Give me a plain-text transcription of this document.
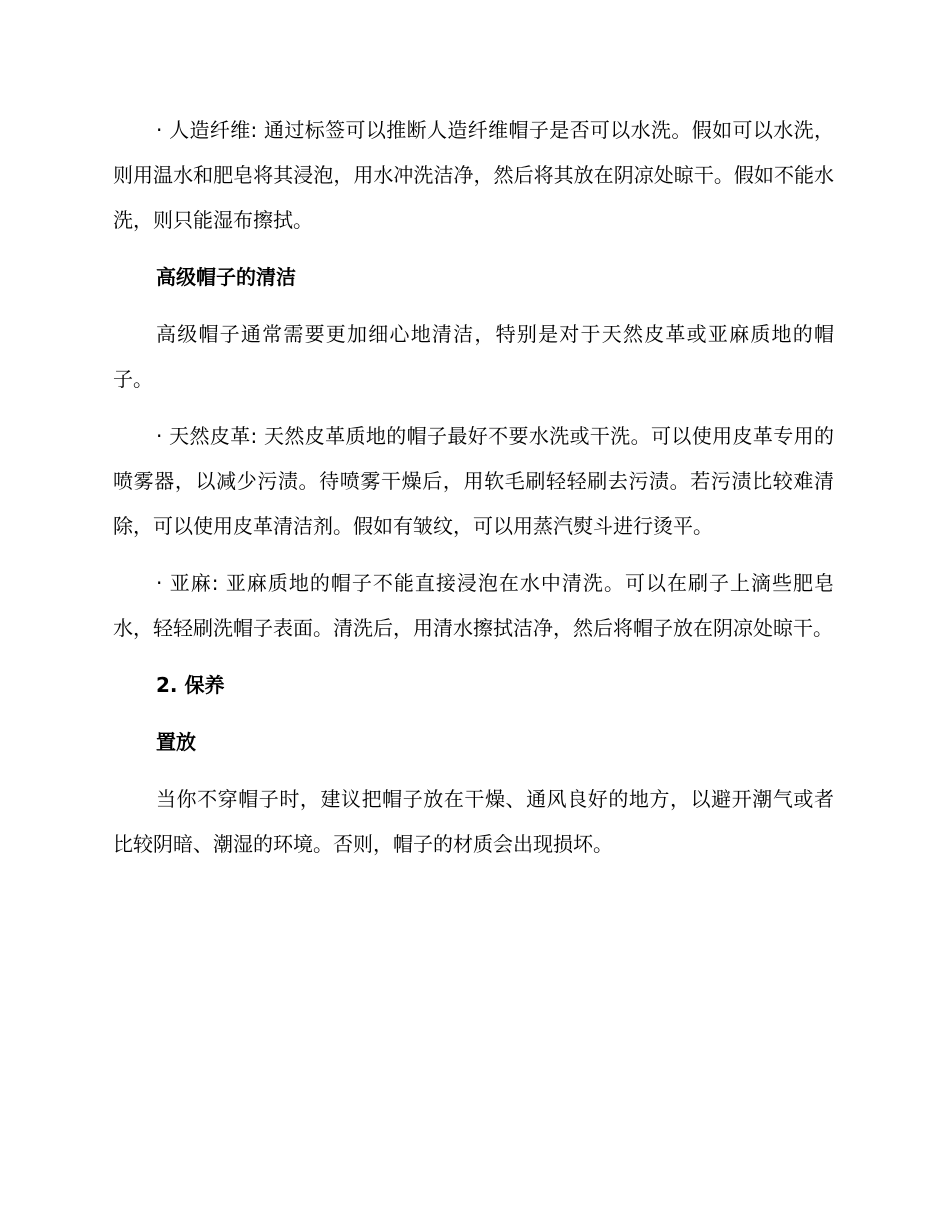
· 人造纤维: 通过标签可以推断人造纤维帽子是否可以水洗。假如可以水洗，则用温水和肥皂将其浸泡，用水冲洗洁净，然后将其放在阴凉处晾干。假如不能水洗，则只能湿布擦拭。

高级帽子的清洁

高级帽子通常需要更加细心地清洁，特别是对于天然皮革或亚麻质地的帽子。

· 天然皮革: 天然皮革质地的帽子最好不要水洗或干洗。可以使用皮革专用的喷雾器，以减少污渍。待喷雾干燥后，用软毛刷轻轻刷去污渍。若污渍比较难清除，可以使用皮革清洁剂。假如有皱纹，可以用蒸汽熨斗进行烫平。

· 亚麻: 亚麻质地的帽子不能直接浸泡在水中清洗。可以在刷子上滴些肥皂水，轻轻刷洗帽子表面。清洗后，用清水擦拭洁净，然后将帽子放在阴凉处晾干。

2. 保养

置放

当你不穿帽子时，建议把帽子放在干燥、通风良好的地方，以避开潮气或者比较阴暗、潮湿的环境。否则，帽子的材质会出现损坏。
